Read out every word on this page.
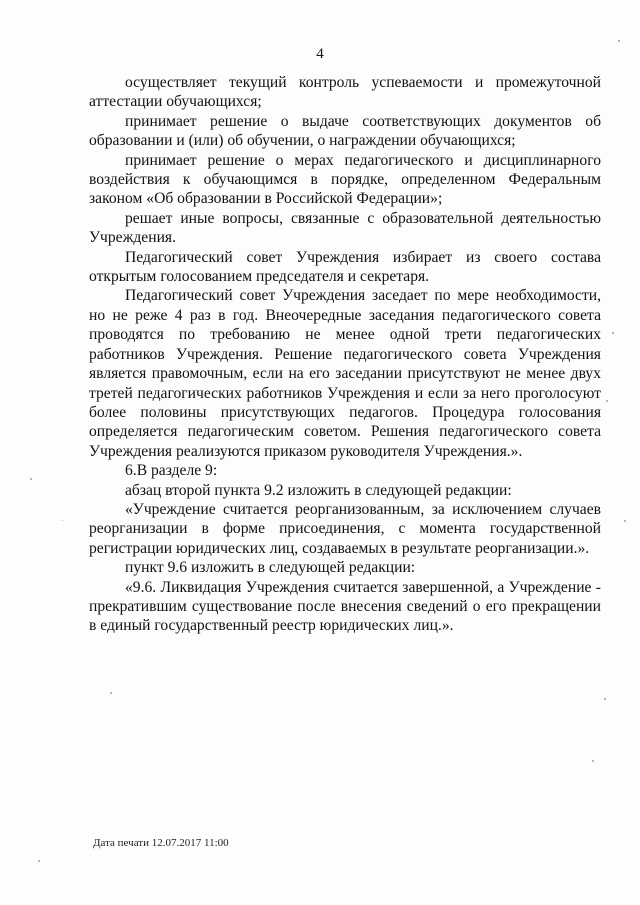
4

осуществляет текущий контроль успеваемости и промежуточной аттестации обучающихся;

принимает решение о выдаче соответствующих документов об образовании и (или) об обучении, о награждении обучающихся;

принимает решение о мерах педагогического и дисциплинарного воздействия к обучающимся в порядке, определенном Федеральным законом «Об образовании в Российской Федерации»;

решает иные вопросы, связанные с образовательной деятельностью Учреждения.

Педагогический совет Учреждения избирает из своего состава открытым голосованием председателя и секретаря.

Педагогический совет Учреждения заседает по мере необходимости, но не реже 4 раз в год. Внеочередные заседания педагогического совета проводятся по требованию не менее одной трети педагогических работников Учреждения. Решение педагогического совета Учреждения является правомочным, если на его заседании присутствуют не менее двух третей педагогических работников Учреждения и если за него проголосуют более половины присутствующих педагогов. Процедура голосования определяется педагогическим советом. Решения педагогического совета Учреждения реализуются приказом руководителя Учреждения.».

6.В разделе 9:

абзац второй пункта 9.2 изложить в следующей редакции:

«Учреждение считается реорганизованным, за исключением случаев реорганизации в форме присоединения, с момента государственной регистрации юридических лиц, создаваемых в результате реорганизации.».

пункт 9.6 изложить в следующей редакции:

«9.6. Ликвидация Учреждения считается завершенной, а Учреждение - прекратившим существование после внесения сведений о его прекращении в единый государственный реестр юридических лиц.».

Дата печати 12.07.2017 11:00
